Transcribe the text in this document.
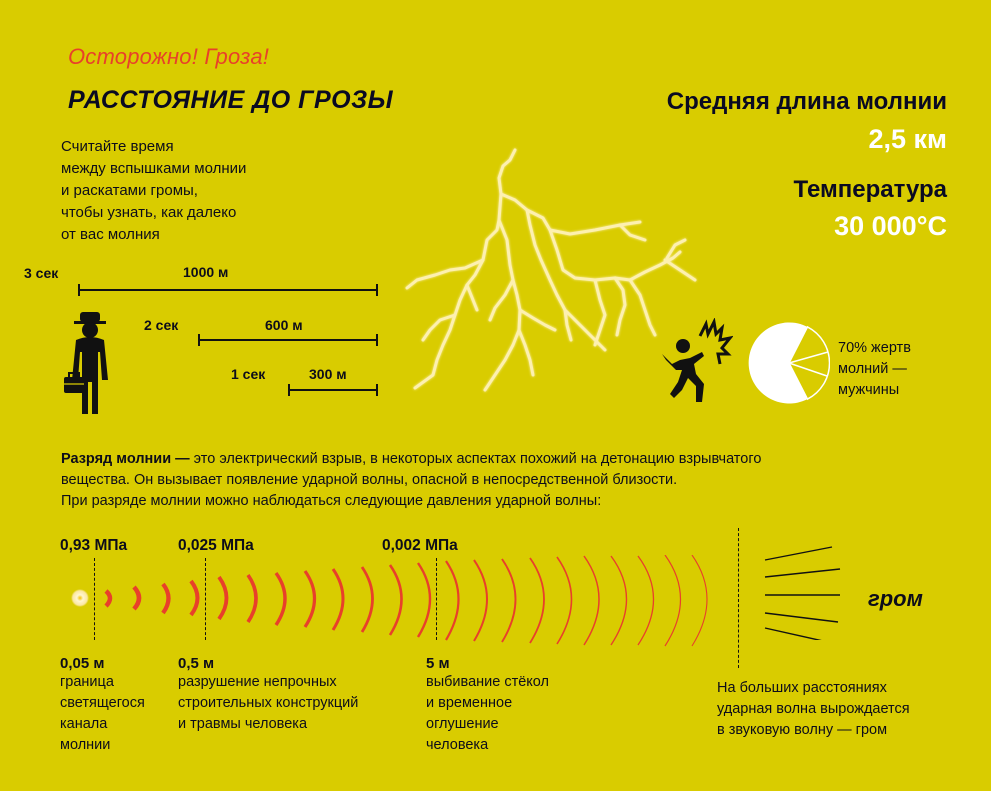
Осторожно! Гроза!
РАССТОЯНИЕ ДО ГРОЗЫ	Средняя длина молнии
2,5 км
Температура
30 000°C
Считайте время
между вспышками молнии
и раскатами громы,
чтобы узнать, как далеко
от вас молния
3 сек	1000 м
2 сек	600 м
1 сек	300 м
70% жертв
молний —
мужчины
Разряд молнии — это электрический взрыв, в некоторых аспектах похожий на детонацию взрывчатого
вещества. Он вызывает появление ударной волны, опасной в непосредственной близости.
При разряде молнии можно наблюдаться следующие давления ударной волны:
0,93 МПа	0,025 МПа	0,002 МПа
гром
0,05 м
граница
светящегося
канала
молнии
0,5 м
разрушение непрочных
строительных конструкций
и травмы человека
5 м
выбивание стёкол
и временное
оглушение
человека
На больших расстояниях
ударная волна вырождается
в звуковую волну — гром
